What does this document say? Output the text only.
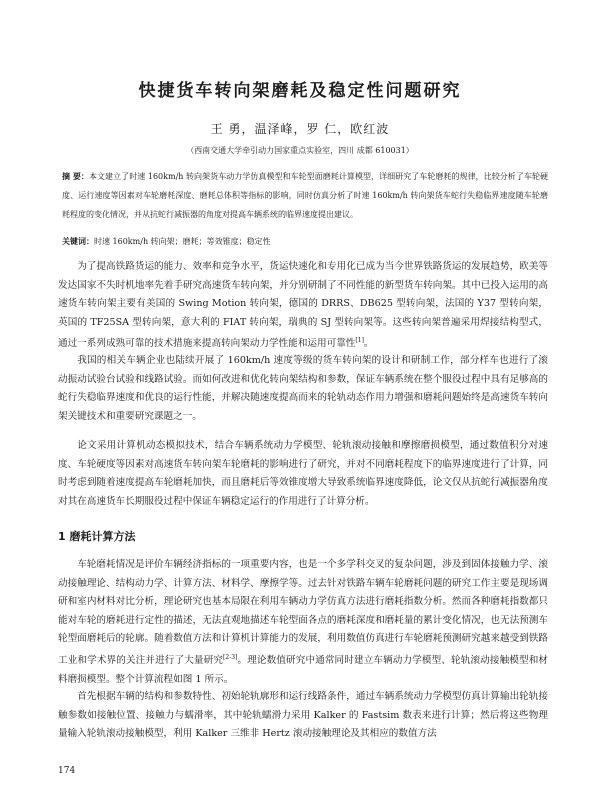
快捷货车转向架磨耗及稳定性问题研究
王 勇，温泽峰，罗 仁，欧红波
（西南交通大学牵引动力国家重点实验室，四川 成都 610031）
摘 要：本文建立了时速 160km/h 转向架货车动力学仿真模型和车轮型面磨耗计算模型，详细研究了车轮磨耗的规律，比较分析了车轮硬度、运行速度等因素对车轮磨耗深度、磨耗总体积等指标的影响，同时仿真分析了时速 160km/h 转向架货车蛇行失稳临界速度随车轮磨耗程度的变化情况，并从抗蛇行减振器的角度对提高车辆系统的临界速度提出建议。
关键词：时速 160km/h 转向架；磨耗；等效锥度；稳定性
为了提高铁路货运的能力、效率和竞争水平，货运快速化和专用化已成为当今世界铁路货运的发展趋势，欧美等发达国家不失时机地率先着手研究高速货车转向架，并分别研制了不同性能的新型货车转向架。其中已投入运用的高速货车转向架主要有美国的 Swing Motion 转向架，德国的 DRRS、DB625 型转向架，法国的 Y37 型转向架，英国的 TF25SA 型转向架，意大利的 FIAT 转向架，瑞典的 SJ 型转向架等。这些转向架普遍采用焊接结构型式，通过一系列成熟可靠的技术措施来提高转向架动力学性能和运用可靠性[1]。
我国的相关车辆企业也陆续开展了 160km/h 速度等级的货车转向架的设计和研制工作，部分样车也进行了滚动振动试验台试验和线路试验。而如何改进和优化转向架结构和参数，保证车辆系统在整个服役过程中具有足够高的蛇行失稳临界速度和优良的运行性能，并解决随速度提高而来的轮轨动态作用力增强和磨耗问题始终是高速货车转向架关键技术和重要研究课题之一。
论文采用计算机动态模拟技术，结合车辆系统动力学模型、轮轨滚动接触和摩擦磨损模型，通过数值积分对速度、车轮硬度等因素对高速货车转向架车轮磨耗的影响进行了研究，并对不同磨耗程度下的临界速度进行了计算，同时考虑到随着速度提高车轮磨耗加快，而且磨耗后等效锥度增大导致系统临界速度降低，论文仅从抗蛇行减振器角度对其在高速货车长期服役过程中保证车辆稳定运行的作用进行了计算分析。
1 磨耗计算方法
车轮磨耗情况是评价车辆经济指标的一项重要内容，也是一个多学科交叉的复杂问题，涉及到固体接触力学、滚动接触理论、结构动力学、计算方法、材料学、摩擦学等。过去针对铁路车辆车轮磨耗问题的研究工作主要是现场调研和室内材料对比分析，理论研究也基本局限在利用车辆动力学仿真方法进行磨耗指数分析。然而各种磨耗指数都只能对车轮的磨耗进行定性的描述，无法直观地描述车轮型面各点的磨耗深度和磨耗量的累计变化情况，也无法预测车轮型面磨耗后的轮廓。随着数值方法和计算机计算能力的发展，利用数值仿真进行车轮磨耗预测研究越来越受到铁路工业和学术界的关注并进行了大量研究[2-3]。理论数值研究中通常同时建立车辆动力学模型、轮轨滚动接触模型和材料磨损模型。整个计算流程如图 1 所示。
首先根据车辆的结构和参数特性、初始轮轨廓形和运行线路条件，通过车辆系统动力学模型仿真计算输出轮轨接触参数如接触位置、接触力与蠕滑率，其中轮轨蠕滑力采用 Kalker 的 Fastsim 数表来进行计算；然后将这些物理量输入轮轨滚动接触模型，利用 Kalker 三维非 Hertz 滚动接触理论及其相应的数值方法
174
